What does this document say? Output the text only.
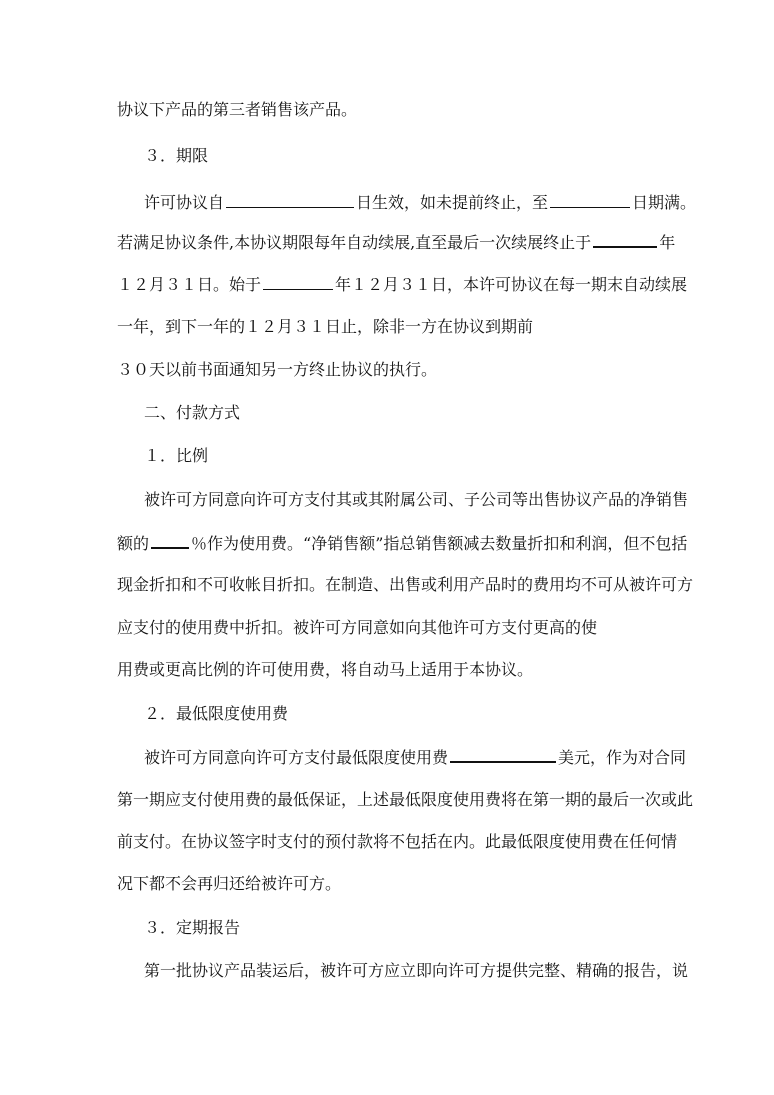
协议下产品的第三者销售该产品。
３．期限
许可协议自	日生效，如未提前终止，至	日期满。
若满足协议条件,本协议期限每年自动续展,直至最后一次续展终止于	年
１２月３１日。始于	年１２月３１日，本许可协议在每一期末自动续展
一年，到下一年的１２月３１日止，除非一方在协议到期前
３０天以前书面通知另一方终止协议的执行。
二、付款方式
１．比例
被许可方同意向许可方支付其或其附属公司、子公司等出售协议产品的净销售
额的	％作为使用费。“净销售额”指总销售额减去数量折扣和利润，但不包括
现金折扣和不可收帐目折扣。在制造、出售或利用产品时的费用均不可从被许可方
应支付的使用费中折扣。被许可方同意如向其他许可方支付更高的使
用费或更高比例的许可使用费，将自动马上适用于本协议。
２．最低限度使用费
被许可方同意向许可方支付最低限度使用费	美元，作为对合同
第一期应支付使用费的最低保证，上述最低限度使用费将在第一期的最后一次或此
前支付。在协议签字时支付的预付款将不包括在内。此最低限度使用费在任何情
况下都不会再归还给被许可方。
３．定期报告
第一批协议产品装运后，被许可方应立即向许可方提供完整、精确的报告，说
